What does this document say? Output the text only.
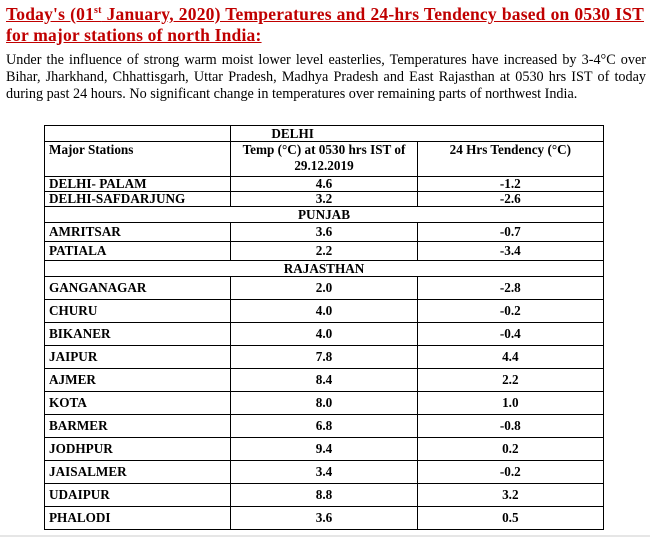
Today's (01st January, 2020) Temperatures and 24-hrs Tendency based on 0530 IST for major stations of north India:
Under the influence of strong warm moist lower level easterlies, Temperatures have increased by 3-4°C over Bihar, Jharkhand, Chhattisgarh, Uttar Pradesh, Madhya Pradesh and East Rajasthan at 0530 hrs IST of today during past 24 hours. No significant change in temperatures over remaining parts of northwest India.
	DELHI	
Major Stations	Temp (°C) at 0530 hrs IST of 29.12.2019	24 Hrs Tendency (°C)
DELHI- PALAM	4.6	-1.2
DELHI-SAFDARJUNG	3.2	-2.6
PUNJAB		
AMRITSAR	3.6	-0.7
PATIALA	2.2	-3.4
RAJASTHAN		
GANGANAGAR	2.0	-2.8
CHURU	4.0	-0.2
BIKANER	4.0	-0.4
JAIPUR	7.8	4.4
AJMER	8.4	2.2
KOTA	8.0	1.0
BARMER	6.8	-0.8
JODHPUR	9.4	0.2
JAISALMER	3.4	-0.2
UDAIPUR	8.8	3.2
PHALODI	3.6	0.5
